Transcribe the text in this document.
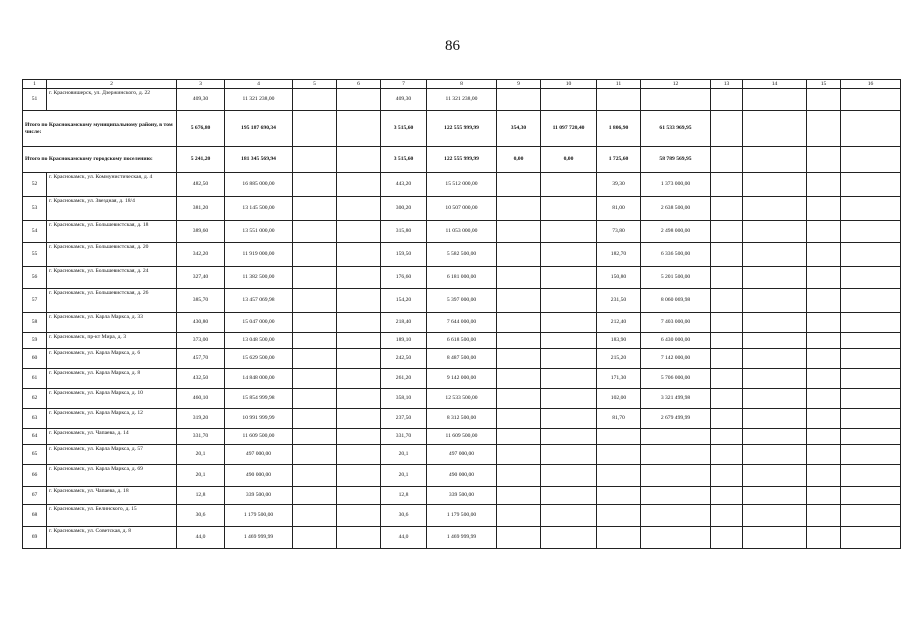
86
1	2	3	4	5	6	7	8	9	10	11	12	13	14	15	16
51	г. Красновишерск, ул. Дзержинского, д. 22	409,30	11 321 238,00			409,30	11 321 238,00								
Итого по Краснокамскому муниципальному району, в том числе:		5 676,80	195 187 690,34			3 515,60	122 555 999,99	354,30	11 097 720,40	1 806,90	61 533 969,95				
Итого по Краснокамскому городскому поселению:		5 241,20	181 345 569,94			3 515,60	122 555 999,99	0,00	0,00	1 725,60	58 789 569,95				
52	г. Краснокамск, ул. Коммунистическая, д. 4	482,50	16 885 000,00			443,20	15 512 000,00			39,30	1 373 000,00				
53	г. Краснокамск, ул. Звездная, д. 18/4	381,20	13 145 500,00			300,20	10 507 000,00			81,00	2 638 500,00				
54	г. Краснокамск, ул. Большевистская, д. 18	389,60	13 551 000,00			315,80	11 053 000,00			73,80	2 498 000,00				
55	г. Краснокамск, ул. Большевистская, д. 20	342,20	11 919 000,00			159,50	5 582 500,00			182,70	6 336 500,00				
56	г. Краснокамск, ул. Большевистская, д. 24	327,40	11 382 500,00			176,60	6 181 000,00			150,80	5 201 500,00				
57	г. Краснокамск, ул. Большевистская, д. 26	385,70	13 457 069,98			154,20	5 397 000,00			231,50	8 060 069,98				
58	г. Краснокамск, ул. Карла Маркса, д. 33	430,80	15 047 000,00			218,40	7 644 000,00			212,40	7 403 000,00				
59	г. Краснокамск, пр-кт Мира, д. 3	373,00	13 048 500,00			189,10	6 618 500,00			183,90	6 430 000,00				
60	г. Краснокамск, ул. Карла Маркса, д. 6	457,70	15 629 500,00			242,50	8 487 500,00			215,20	7 142 000,00				
61	г. Краснокамск, ул. Карла Маркса, д. 8	432,50	14 848 000,00			261,20	9 142 000,00			171,30	5 706 000,00				
62	г. Краснокамск, ул. Карла Маркса, д. 10	460,10	15 854 999,98			358,10	12 533 500,00			102,00	3 321 499,98				
63	г. Краснокамск, ул. Карла Маркса, д. 12	319,20	10 991 999,99			237,50	8 312 500,00			81,70	2 679 499,99				
64	г. Краснокамск, ул. Чапаева, д. 14	331,70	11 609 500,00			331,70	11 609 500,00								
65	г. Краснокамск, ул. Карла Маркса, д. 57	20,1	497 000,00			20,1	497 000,00								
66	г. Краснокамск, ул. Карла Маркса, д. 69	20,1	490 000,00			20,1	490 000,00								
67	г. Краснокамск, ул. Чапаева, д. 18	12,8	339 500,00			12,8	339 500,00								
68	г. Краснокамск, ул. Белинского, д. 15	30,6	1 179 500,00			30,6	1 179 500,00								
69	г. Краснокамск, ул. Советская, д. 8	44,0	1 469 999,99			44,0	1 469 999,99								
